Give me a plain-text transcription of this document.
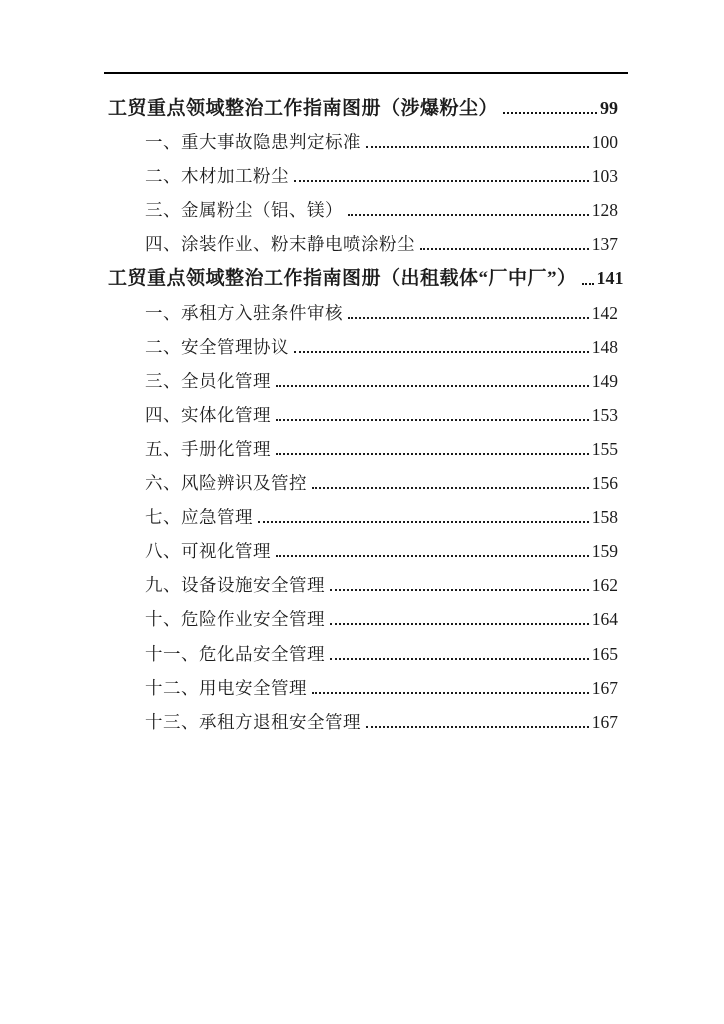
工贸重点领域整治工作指南图册（涉爆粉尘）	99
一、重大事故隐患判定标准	100
二、木材加工粉尘	103
三、金属粉尘（铝、镁）	128
四、涂装作业、粉末静电喷涂粉尘	137
工贸重点领域整治工作指南图册（出租载体“厂中厂”） 141
一、承租方入驻条件审核	142
二、安全管理协议	148
三、全员化管理	149
四、实体化管理	153
五、手册化管理	155
六、风险辨识及管控	156
七、应急管理	158
八、可视化管理	159
九、设备设施安全管理	162
十、危险作业安全管理	164
十一、危化品安全管理	165
十二、用电安全管理	167
十三、承租方退租安全管理	167
